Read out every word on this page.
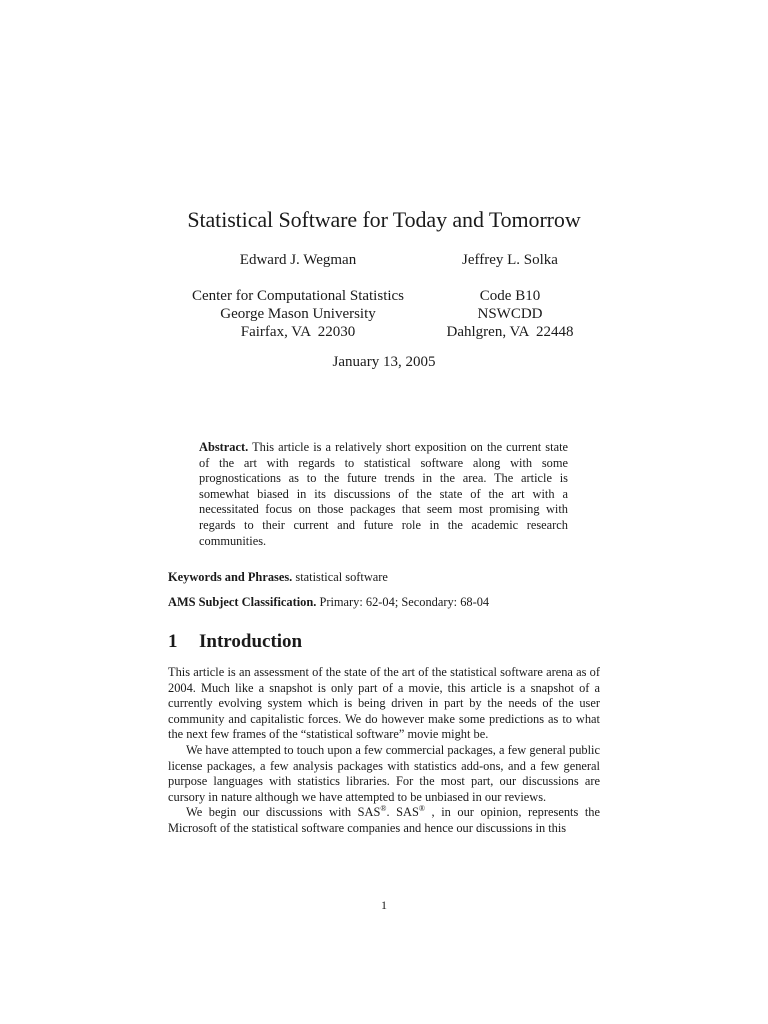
Statistical Software for Today and Tomorrow
Edward J. Wegman
Center for Computational Statistics
George Mason University
Fairfax, VA  22030
Jeffrey L. Solka
Code B10
NSWCDD
Dahlgren, VA  22448
January 13, 2005
Abstract. This article is a relatively short exposition on the current state of the art with regards to statistical software along with some prognostications as to the future trends in the area. The article is somewhat biased in its discussions of the state of the art with a necessitated focus on those packages that seem most promising with regards to their current and future role in the academic research communities.
Keywords and Phrases. statistical software
AMS Subject Classification. Primary: 62-04; Secondary: 68-04
1 Introduction

This article is an assessment of the state of the art of the statistical software arena as of 2004. Much like a snapshot is only part of a movie, this article is a snapshot of a currently evolving system which is being driven in part by the needs of the user community and capitalistic forces. We do however make some predictions as to what the next few frames of the “statistical software” movie might be.

We have attempted to touch upon a few commercial packages, a few general public license packages, a few analysis packages with statistics add-ons, and a few general purpose languages with statistics libraries. For the most part, our discussions are cursory in nature although we have attempted to be unbiased in our reviews.

We begin our discussions with SAS®. SAS® , in our opinion, represents the Microsoft of the statistical software companies and hence our discussions in this

1
